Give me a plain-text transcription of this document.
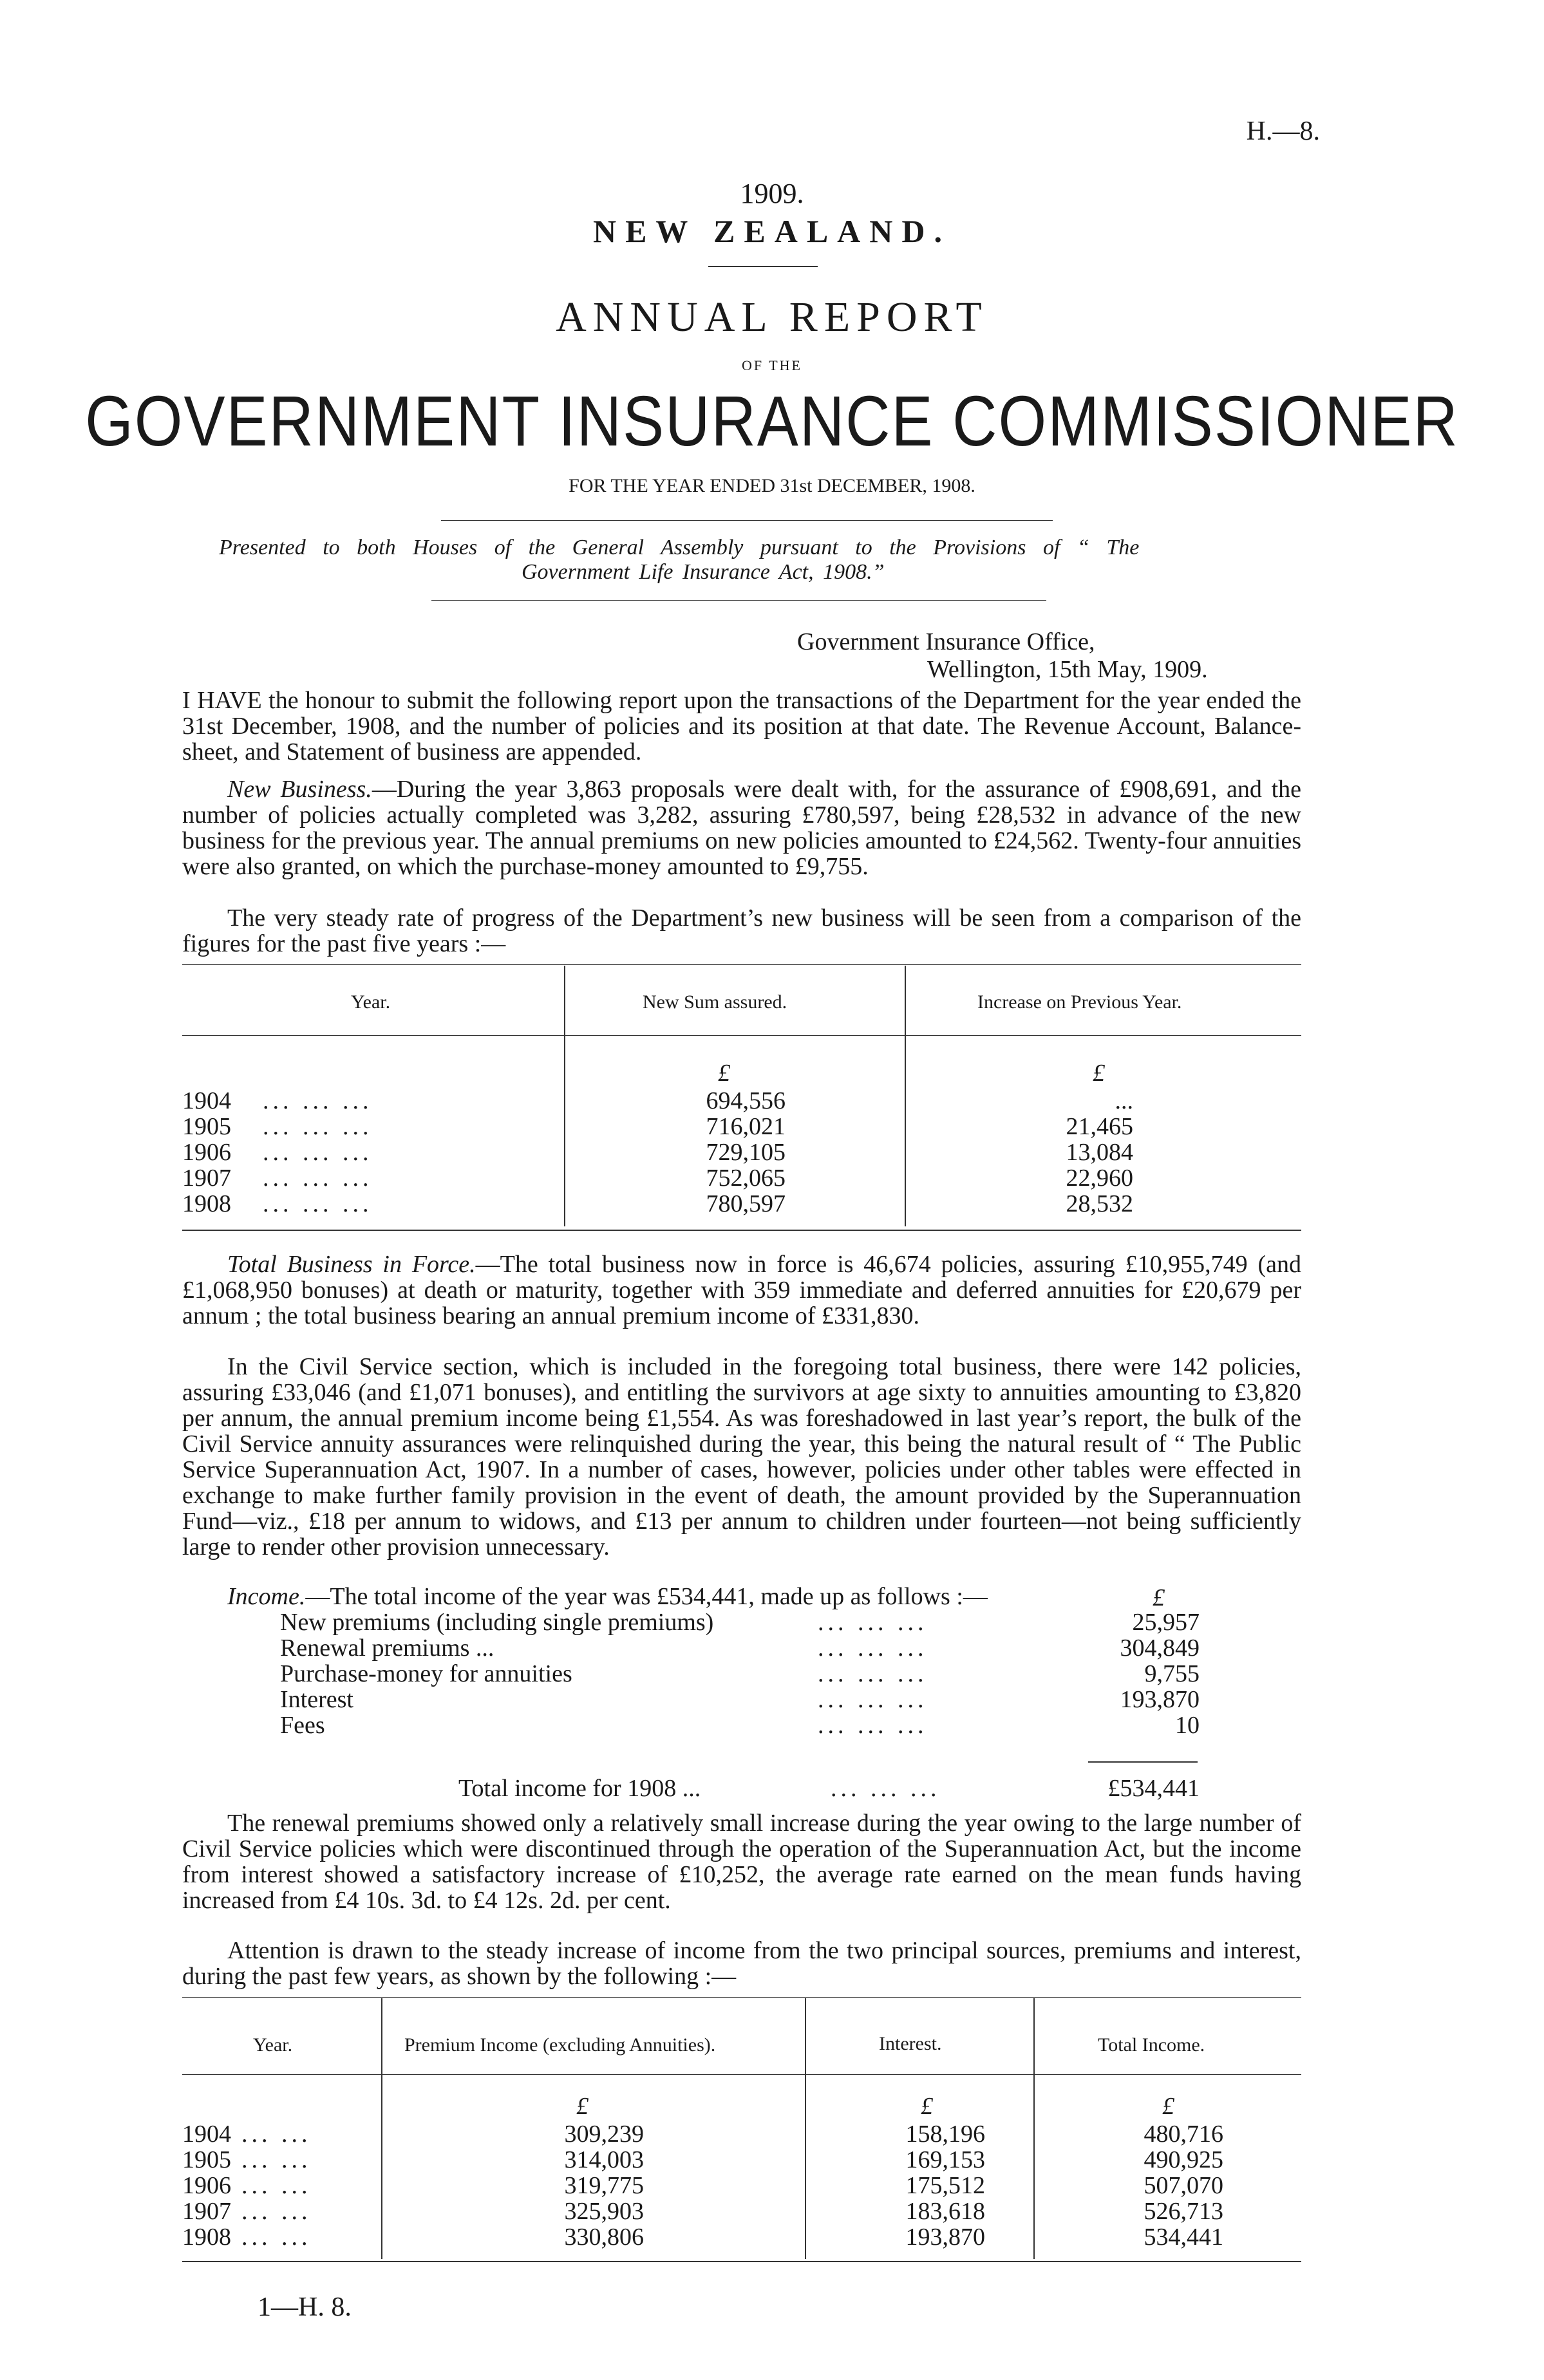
H.—8.
1909.
NEW ZEALAND.
ANNUAL REPORT
OF THE
GOVERNMENT INSURANCE COMMISSIONER
FOR THE YEAR ENDED 31st DECEMBER, 1908.
Presented to both Houses of the General Assembly pursuant to the Provisions of “ The
Government Life Insurance Act, 1908.”
Government Insurance Office,
Wellington, 15th May, 1909.
I HAVE the honour to submit the following report upon the transactions of the Department for the year ended the 31st December, 1908, and the number of policies and its position at that date. The Revenue Account, Balance-sheet, and Statement of business are appended.
New Business.—During the year 3,863 proposals were dealt with, for the assurance of £908,691, and the number of policies actually completed was 3,282, assuring £780,597, being £28,532 in advance of the new business for the previous year. The annual premiums on new policies amounted to £24,562. Twenty-four annuities were also granted, on which the purchase-money amounted to £9,755.
The very steady rate of progress of the Department’s new business will be seen from a comparison of the figures for the past five years :—
Year.	New Sum assured.	Increase on Previous Year.
£	£
1904 ... ... ...	694,556	...
1905 ... ... ...	716,021	21,465
1906 ... ... ...	729,105	13,084
1907 ... ... ...	752,065	22,960
1908 ... ... ...	780,597	28,532
Total Business in Force.—The total business now in force is 46,674 policies, assuring £10,955,749 (and £1,068,950 bonuses) at death or maturity, together with 359 immediate and deferred annuities for £20,679 per annum ; the total business bearing an annual premium income of £331,830.
In the Civil Service section, which is included in the foregoing total business, there were 142 policies, assuring £33,046 (and £1,071 bonuses), and entitling the survivors at age sixty to annuities amounting to £3,820 per annum, the annual premium income being £1,554. As was foreshadowed in last year’s report, the bulk of the Civil Service annuity assurances were relinquished during the year, this being the natural result of “ The Public Service Superannuation Act, 1907. In a number of cases, however, policies under other tables were effected in exchange to make further family provision in the event of death, the amount provided by the Superannuation Fund—viz., £18 per annum to widows, and £13 per annum to children under fourteen—not being sufficiently large to render other provision unnecessary.
Income.—The total income of the year was £534,441, made up as follows :—	£
New premiums (including single premiums)	... ... ...	25,957
Renewal premiums ...	... ... ...	304,849
Purchase-money for annuities	... ... ...	9,755
Interest	... ... ...	193,870
Fees	... ... ...	10
Total income for 1908 ...	... ... ...	£534,441
The renewal premiums showed only a relatively small increase during the year owing to the large number of Civil Service policies which were discontinued through the operation of the Superannuation Act, but the income from interest showed a satisfactory increase of £10,252, the average rate earned on the mean funds having increased from £4 10s. 3d. to £4 12s. 2d. per cent.
Attention is drawn to the steady increase of income from the two principal sources, premiums and interest, during the past few years, as shown by the following :—
Year.	Premium Income (excluding Annuities).	Interest.	Total Income.
£	£	£
1904 ... ...	309,239	158,196	480,716
1905 ... ...	314,003	169,153	490,925
1906 ... ...	319,775	175,512	507,070
1907 ... ...	325,903	183,618	526,713
1908 ... ...	330,806	193,870	534,441
1—H. 8.
